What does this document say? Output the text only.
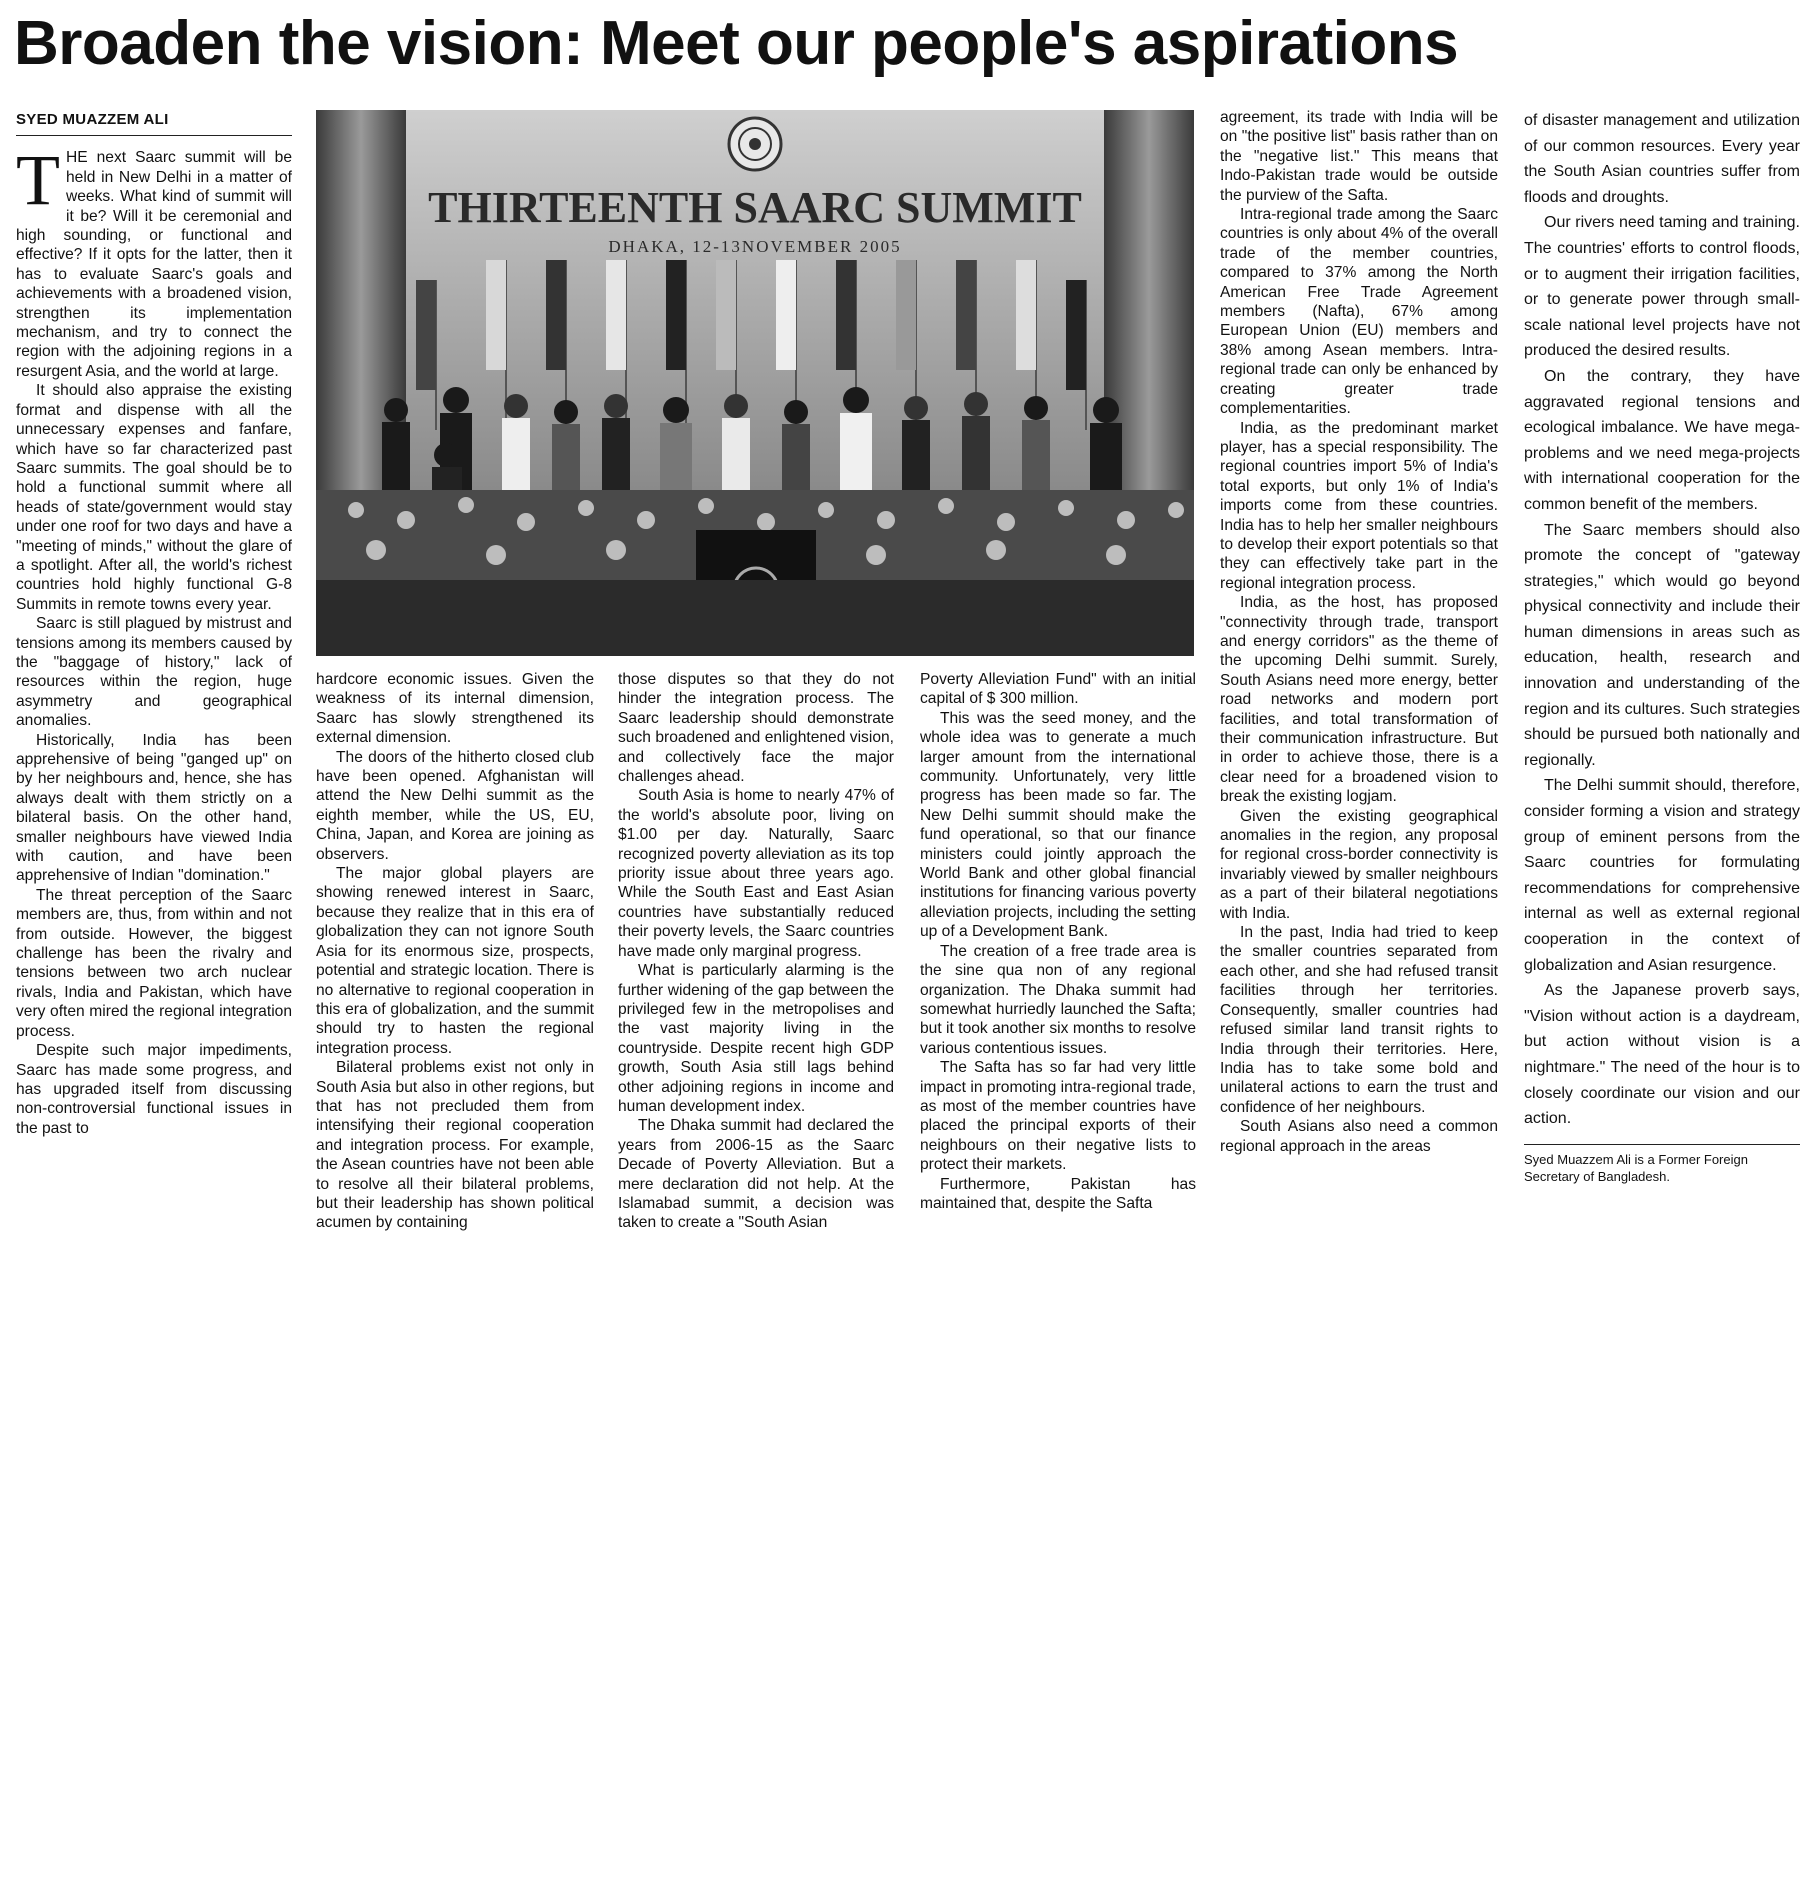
Broaden the vision: Meet our people's aspirations
SYED MUAZZEM ALI

THE next Saarc summit will be held in New Delhi in a matter of weeks. What kind of summit will it be? Will it be ceremonial and high sounding, or functional and effective? If it opts for the latter, then it has to evaluate Saarc's goals and achievements with a broadened vision, strengthen its implementation mechanism, and try to connect the region with the adjoining regions in a resurgent Asia, and the world at large.

It should also appraise the existing format and dispense with all the unnecessary expenses and fanfare, which have so far characterized past Saarc summits. The goal should be to hold a functional summit where all heads of state/government would stay under one roof for two days and have a "meeting of minds," without the glare of a spotlight. After all, the world's richest countries hold highly functional G-8 Summits in remote towns every year.

Saarc is still plagued by mistrust and tensions among its members caused by the "baggage of history," lack of resources within the region, huge asymmetry and geographical anomalies.

Historically, India has been apprehensive of being "ganged up" on by her neighbours and, hence, she has always dealt with them strictly on a bilateral basis. On the other hand, smaller neighbours have viewed India with caution, and have been apprehensive of Indian "domination."

The threat perception of the Saarc members are, thus, from within and not from outside. However, the biggest challenge has been the rivalry and tensions between two arch nuclear rivals, India and Pakistan, which have very often mired the regional integration process.

Despite such major impediments, Saarc has made some progress, and has upgraded itself from discussing non-controversial functional issues in the past to

THIRTEENTH SAARC SUMMIT
DHAKA, 12-13NOVEMBER 2005

hardcore economic issues. Given the weakness of its internal dimension, Saarc has slowly strengthened its external dimension.

The doors of the hitherto closed club have been opened. Afghanistan will attend the New Delhi summit as the eighth member, while the US, EU, China, Japan, and Korea are joining as observers.

The major global players are showing renewed interest in Saarc, because they realize that in this era of globalization they can not ignore South Asia for its enormous size, prospects, potential and strategic location. There is no alternative to regional cooperation in this era of globalization, and the summit should try to hasten the regional integration process.

Bilateral problems exist not only in South Asia but also in other regions, but that has not precluded them from intensifying their regional cooperation and integration process. For example, the Asean countries have not been able to resolve all their bilateral problems, but their leadership has shown political acumen by containing

those disputes so that they do not hinder the integration process. The Saarc leadership should demonstrate such broadened and enlightened vision, and collectively face the major challenges ahead.

South Asia is home to nearly 47% of the world's absolute poor, living on $1.00 per day. Naturally, Saarc recognized poverty alleviation as its top priority issue about three years ago. While the South East and East Asian countries have substantially reduced their poverty levels, the Saarc countries have made only marginal progress.

What is particularly alarming is the further widening of the gap between the privileged few in the metropolises and the vast majority living in the countryside. Despite recent high GDP growth, South Asia still lags behind other adjoining regions in income and human development index.

The Dhaka summit had declared the years from 2006-15 as the Saarc Decade of Poverty Alleviation. But a mere declaration did not help. At the Islamabad summit, a decision was taken to create a "South Asian

Poverty Alleviation Fund" with an initial capital of $ 300 million.

This was the seed money, and the whole idea was to generate a much larger amount from the international community. Unfortunately, very little progress has been made so far. The New Delhi summit should make the fund operational, so that our finance ministers could jointly approach the World Bank and other global financial institutions for financing various poverty alleviation projects, including the setting up of a Development Bank.

The creation of a free trade area is the sine qua non of any regional organization. The Dhaka summit had somewhat hurriedly launched the Safta; but it took another six months to resolve various contentious issues.

The Safta has so far had very little impact in promoting intra-regional trade, as most of the member countries have placed the principal exports of their neighbours on their negative lists to protect their markets.

Furthermore, Pakistan has maintained that, despite the Safta

agreement, its trade with India will be on "the positive list" basis rather than on the "negative list." This means that Indo-Pakistan trade would be outside the purview of the Safta.

Intra-regional trade among the Saarc countries is only about 4% of the overall trade of the member countries, compared to 37% among the North American Free Trade Agreement members (Nafta), 67% among European Union (EU) members and 38% among Asean members. Intra-regional trade can only be enhanced by creating greater trade complementarities.

India, as the predominant market player, has a special responsibility. The regional countries import 5% of India's total exports, but only 1% of India's imports come from these countries. India has to help her smaller neighbours to develop their export potentials so that they can effectively take part in the regional integration process.

India, as the host, has proposed "connectivity through trade, transport and energy corridors" as the theme of the upcoming Delhi summit. Surely, South Asians need more energy, better road networks and modern port facilities, and total transformation of their communication infrastructure. But in order to achieve those, there is a clear need for a broadened vision to break the existing logjam.

Given the existing geographical anomalies in the region, any proposal for regional cross-border connectivity is invariably viewed by smaller neighbours as a part of their bilateral negotiations with India.

In the past, India had tried to keep the smaller countries separated from each other, and she had refused transit facilities through her territories. Consequently, smaller countries had refused similar land transit rights to India through their territories. Here, India has to take some bold and unilateral actions to earn the trust and confidence of her neighbours.

South Asians also need a common regional approach in the areas

of disaster management and utilization of our common resources. Every year the South Asian countries suffer from floods and droughts.

Our rivers need taming and training. The countries' efforts to control floods, or to augment their irrigation facilities, or to generate power through small-scale national level projects have not produced the desired results.

On the contrary, they have aggravated regional tensions and ecological imbalance. We have mega-problems and we need mega-projects with international cooperation for the common benefit of the members.

The Saarc members should also promote the concept of "gateway strategies," which would go beyond physical connectivity and include their human dimensions in areas such as education, health, research and innovation and understanding of the region and its cultures. Such strategies should be pursued both nationally and regionally.

The Delhi summit should, therefore, consider forming a vision and strategy group of eminent persons from the Saarc countries for formulating recommendations for comprehensive internal as well as external regional cooperation in the context of globalization and Asian resurgence.

As the Japanese proverb says, "Vision without action is a daydream, but action without vision is a nightmare." The need of the hour is to closely coordinate our vision and our action.

Syed Muazzem Ali is a Former Foreign Secretary of Bangladesh.
